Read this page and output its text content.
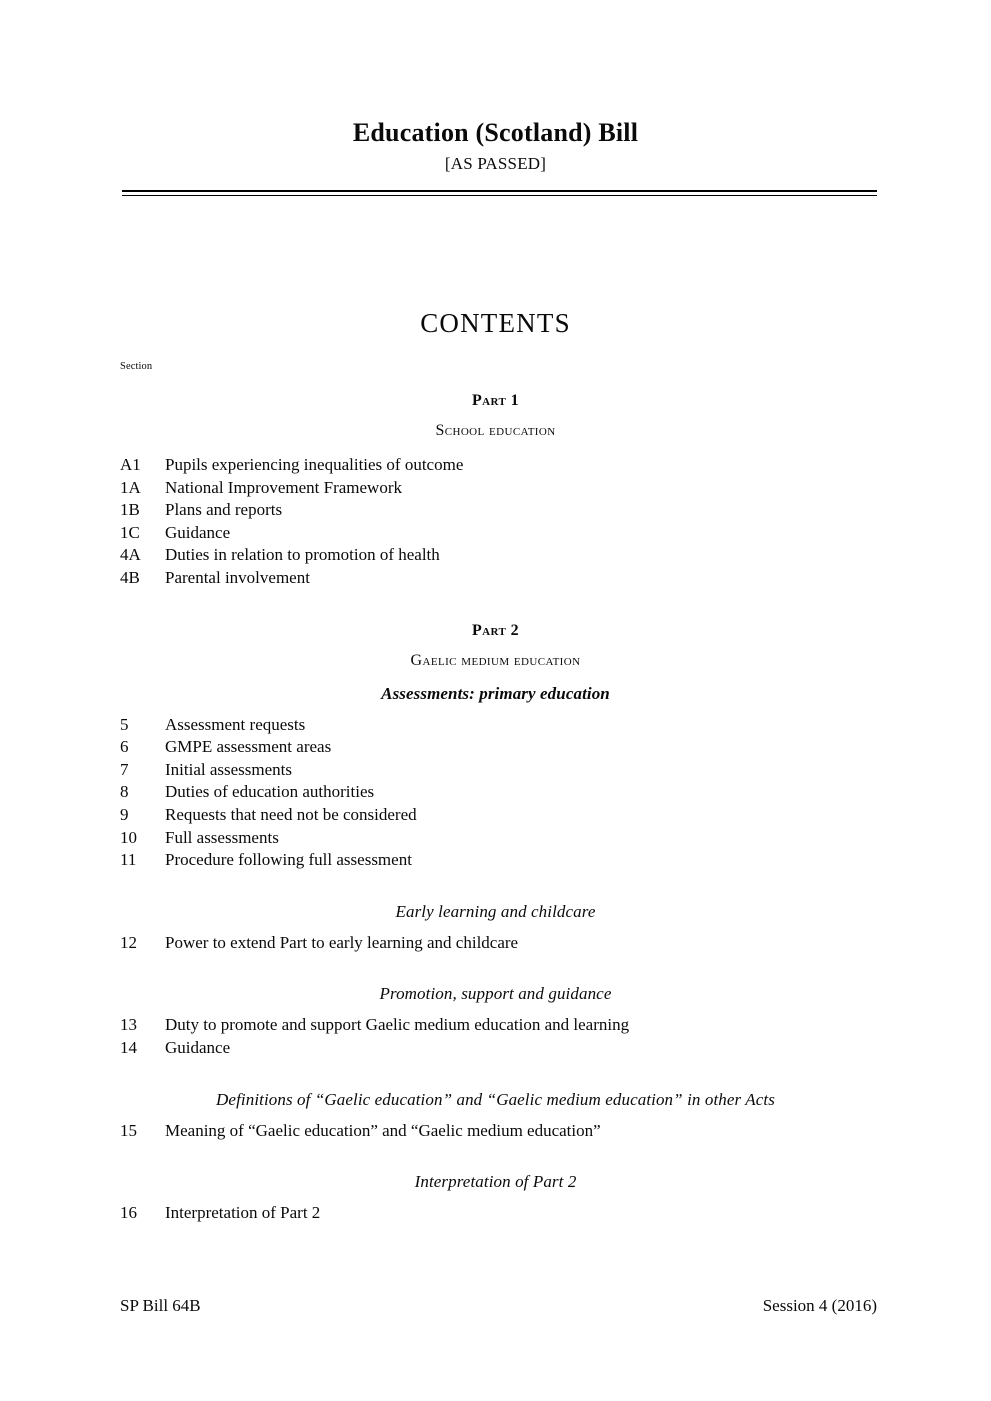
Education (Scotland) Bill
[AS PASSED]
CONTENTS
Section
Part 1
School education
A1	Pupils experiencing inequalities of outcome
1A	National Improvement Framework
1B	Plans and reports
1C	Guidance
4A	Duties in relation to promotion of health
4B	Parental involvement
Part 2
Gaelic medium education
Assessments: primary education
5	Assessment requests
6	GMPE assessment areas
7	Initial assessments
8	Duties of education authorities
9	Requests that need not be considered
10	Full assessments
11	Procedure following full assessment
Early learning and childcare
12	Power to extend Part to early learning and childcare
Promotion, support and guidance
13	Duty to promote and support Gaelic medium education and learning
14	Guidance
Definitions of “Gaelic education” and “Gaelic medium education” in other Acts
15	Meaning of “Gaelic education” and “Gaelic medium education”
Interpretation of Part 2
16	Interpretation of Part 2
SP Bill 64B	Session 4 (2016)
